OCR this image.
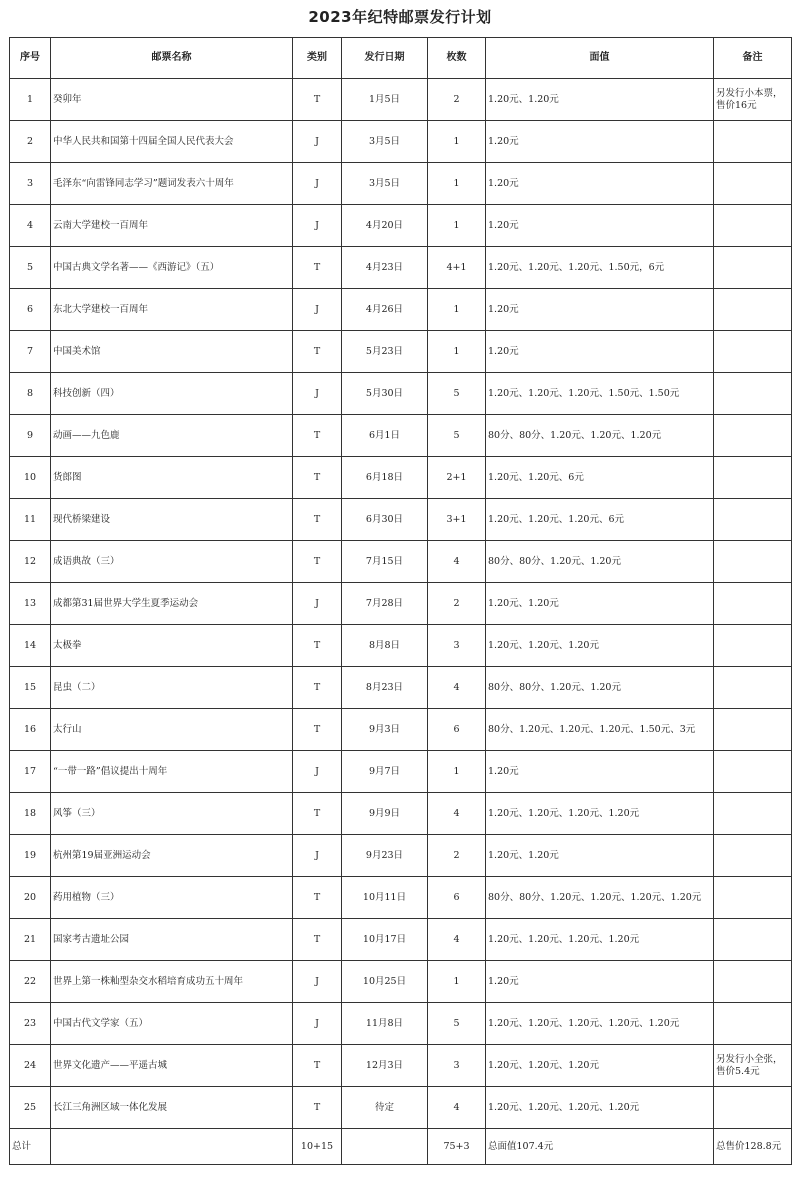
2023年纪特邮票发行计划
序号	邮票名称	类别	发行日期	枚数	面值	备注
1	癸卯年	T	1月5日	2	1.20元、1.20元	另发行小本票，售价16元
2	中华人民共和国第十四届全国人民代表大会	J	3月5日	1	1.20元	
3	毛泽东“向雷锋同志学习”题词发表六十周年	J	3月5日	1	1.20元	
4	云南大学建校一百周年	J	4月20日	1	1.20元	
5	中国古典文学名著——《西游记》（五）	T	4月23日	4+1	1.20元、1.20元、1.20元、1.50元，6元	
6	东北大学建校一百周年	J	4月26日	1	1.20元	
7	中国美术馆	T	5月23日	1	1.20元	
8	科技创新（四）	J	5月30日	5	1.20元、1.20元、1.20元、1.50元、1.50元	
9	动画——九色鹿	T	6月1日	5	80分、80分、1.20元、1.20元、1.20元	
10	货郎图	T	6月18日	2+1	1.20元、1.20元、6元	
11	现代桥梁建设	T	6月30日	3+1	1.20元、1.20元、1.20元、6元	
12	成语典故（三）	T	7月15日	4	80分、80分、1.20元、1.20元	
13	成都第31届世界大学生夏季运动会	J	7月28日	2	1.20元、1.20元	
14	太极拳	T	8月8日	3	1.20元、1.20元、1.20元	
15	昆虫（二）	T	8月23日	4	80分、80分、1.20元、1.20元	
16	太行山	T	9月3日	6	80分、1.20元、1.20元、1.20元、1.50元、3元	
17	“一带一路”倡议提出十周年	J	9月7日	1	1.20元	
18	风筝（三）	T	9月9日	4	1.20元、1.20元、1.20元、1.20元	
19	杭州第19届亚洲运动会	J	9月23日	2	1.20元、1.20元	
20	药用植物（三）	T	10月11日	6	80分、80分、1.20元、1.20元、1.20元、1.20元	
21	国家考古遗址公园	T	10月17日	4	1.20元、1.20元、1.20元、1.20元	
22	世界上第一株籼型杂交水稻培育成功五十周年	J	10月25日	1	1.20元	
23	中国古代文学家（五）	J	11月8日	5	1.20元、1.20元、1.20元、1.20元、1.20元	
24	世界文化遗产——平遥古城	T	12月3日	3	1.20元、1.20元、1.20元	另发行小全张，售价5.4元
25	长江三角洲区域一体化发展	T	待定	4	1.20元、1.20元、1.20元、1.20元	
总计		10+15		75+3	总面值107.4元	总售价128.8元
